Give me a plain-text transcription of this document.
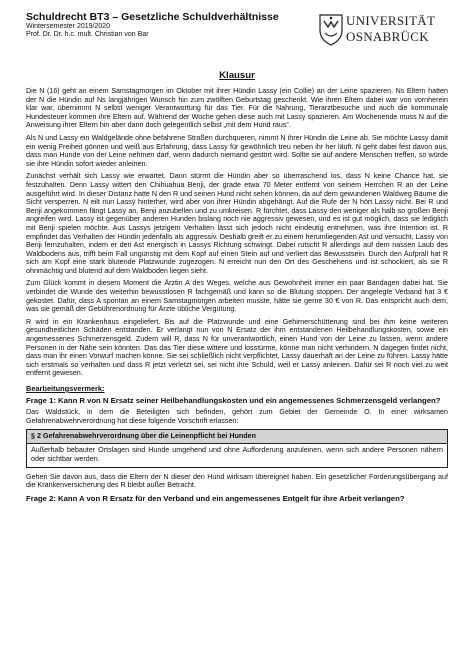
Schuldrecht BT3 – Gesetzliche Schuldverhältnisse
Wintersemester 2019/2020
Prof. Dr. Dr. h.c. mult. Christian von Bar
UNIVERSITÄT
OSNABRÜCK
Klausur

Die N (16) geht an einem Samstagmorgen im Oktober mit ihrer Hündin Lassy (ein Collie) an der Leine spazieren. Ns Eltern hatten der N die Hündin auf Ns langjährigen Wunsch hin zum zwölften Geburtstag geschenkt. Wie ihren Eltern dabei war von vornherein klar war, übernimmt N selbst weniger Verantwortung für das Tier. Für die Nahrung, Tierarztbesuche und auch die kommunale Hundesteuer kommen ihre Eltern auf. Während der Woche gehen diese auch mit Lassy spazieren. Am Wochenende muss N auf die Anweisung ihrer Eltern hin aber dann doch gelegentlich selbst „mit dem Hund raus“.

Als N und Lassy ein Waldgelände ohne befahrene Straßen durchqueren, nimmt N ihrer Hündin die Leine ab. Sie möchte Lassy damit ein wenig Freiheit gönnen und weiß aus Erfahrung, dass Lassy für gewöhnlich treu neben ihr her läuft. N geht dabei fest davon aus, dass man Hunde von der Leine nehmen darf, wenn dadurch niemand gestört wird. Sollte sie auf andere Menschen treffen, so würde sie ihre Hündin sofort wieder anleinen.

Zunächst verhält sich Lassy wie erwartet. Dann stürmt die Hündin aber so überraschend los, dass N keine Chance hat, sie festzuhalten. Denn Lassy wittert den Chihuahua Benji, der grade etwa 70 Meter entfernt von seinem Herrchen R an der Leine ausgeführt wird. In dieser Distanz hatte N den R und seinen Hund nicht sehen können, da auf dem gewundenen Waldweg Bäume die Sicht versperren. N eilt nun Lassy hinterher, wird aber von ihrer Hündin abgehängt. Auf die Rufe der N hört Lassy nicht. Bei R und Benji angekommen fängt Lassy an, Benji anzubellen und zu umkreisen. R fürchtet, dass Lassy den weniger als halb so großen Benji angreifen wird. Lassy ist gegenüber anderen Hunden bislang noch nie aggressiv gewesen, und es ist gut möglich, dass sie lediglich mit Benji spielen möchte. Aus Lassys jetzigem Verhalten lässt sich jedoch nicht eindeutig entnehmen, was ihre Intention ist. R empfindet das Verhalten der Hündin jedenfalls als aggressiv. Deshalb greift er zu einem herumliegenden Ast und versucht, Lassy von Benji fernzuhalten, indem er den Ast energisch in Lassys Richtung schwingt. Dabei rutscht R allerdings auf dem nassen Laub des Waldbodens aus, trifft beim Fall ungünstig mit dem Kopf auf einen Stein auf und verliert das Bewusstsein. Durch den Aufprall hat R sich am Kopf eine stark blutende Platzwunde zugezogen. N erreicht nun den Ort des Geschehens und ist schockiert, als sie R ohnmächtig und blutend auf dem Waldboden liegen sieht.

Zum Glück kommt in diesem Moment die Ärztin A des Weges, welche aus Gewohnheit immer ein paar Bandagen dabei hat. Sie verbindet die Wunde des weiterhin bewusstlosen R fachgemäß und kann so die Blutung stoppen. Der angelegte Verband hat 3 € gekostet. Dafür, dass A spontan an einem Samstagmorgen arbeiten musste, hätte sie gerne 30 € von R. Das entspricht auch dem, was sie gemäß der Gebührenordnung für Ärzte übliche Vergütung.

R wird in ein Krankenhaus eingeliefert. Bis auf die Platzwunde und eine Gehirnerschütterung sind bei ihm keine weiteren gesundheitlichen Schäden entstanden. Er verlangt nun von N Ersatz der ihm entstandenen Heilbehandlungskosten, sowie ein angemessenes Schmerzensgeld. Zudem will R, dass N für unverantwortlich, einen Hund von der Leine zu lassen, wenn andere Personen in der Nähe sein könnten. Das das Tier diese wittere und losstürme, könne man nicht verhindern. N dagegen findet nicht, dass man ihr einen Vorwurf machen könne. Sie sei schließlich nicht verpflichtet, Lassy dauerhaft an der Leine zu führen. Lassy hätte sich erstmals so verhalten und dass R jetzt verletzt sei, sei nicht ihre Schuld, weil er Lassy anleinen. Dafür sei R noch viel zu weit entfernt gewesen.

Bearbeitungsvermerk:
Frage 1: Kann R von N Ersatz seiner Heilbehandlungskosten und ein angemessenes Schmerzensgeld verlangen?

Das Waldstück, in dem die Beteiligten sich befinden, gehört zum Gebiet der Gemeinde O. In einer wirksamen Gefahrenabwehrverordnung hat diese folgende Vorschrift erlassen:

§ 2 Gefahrenabwehrverordnung über die Leinenpflicht bei Hunden
Außerhalb bebauter Ortslagen sind Hunde umgehend und ohne Aufforderung anzuleinen, wenn sich andere Personen nähern oder sichtbar werden.

Gehen Sie davon aus, dass die Eltern der N dieser den Hund wirksam übereignet haben. Ein gesetzlicher Forderungsübergang auf die Krankenversicherung des R bleibt außer Betracht.

Frage 2: Kann A von R Ersatz für den Verband und ein angemessenes Entgelt für ihre Arbeit verlangen?
